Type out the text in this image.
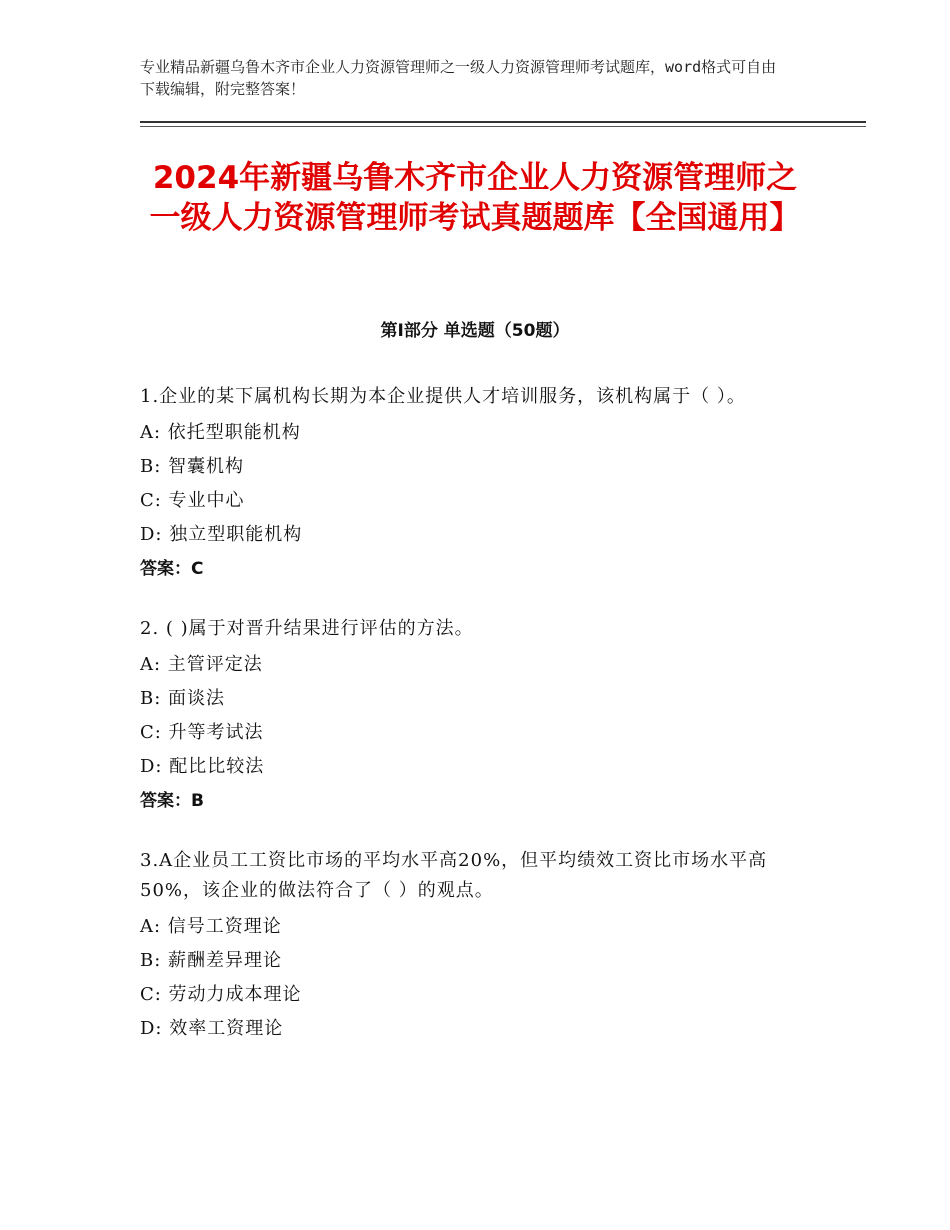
专业精品新疆乌鲁木齐市企业人力资源管理师之一级人力资源管理师考试题库，word格式可自由下载编辑，附完整答案！
2024年新疆乌鲁木齐市企业人力资源管理师之一级人力资源管理师考试真题题库【全国通用】
第Ⅰ部分 单选题（50题）

1.企业的某下属机构长期为本企业提供人才培训服务，该机构属于（ ）。

A: 依托型职能机构

B: 智囊机构

C: 专业中心

D: 独立型职能机构

答案：C

2. ( )属于对晋升结果进行评估的方法。

A: 主管评定法

B: 面谈法

C: 升等考试法

D: 配比比较法

答案：B

3.A企业员工工资比市场的平均水平高20%，但平均绩效工资比市场水平高50%，该企业的做法符合了（ ）的观点。

A: 信号工资理论

B: 薪酬差异理论

C: 劳动力成本理论

D: 效率工资理论
